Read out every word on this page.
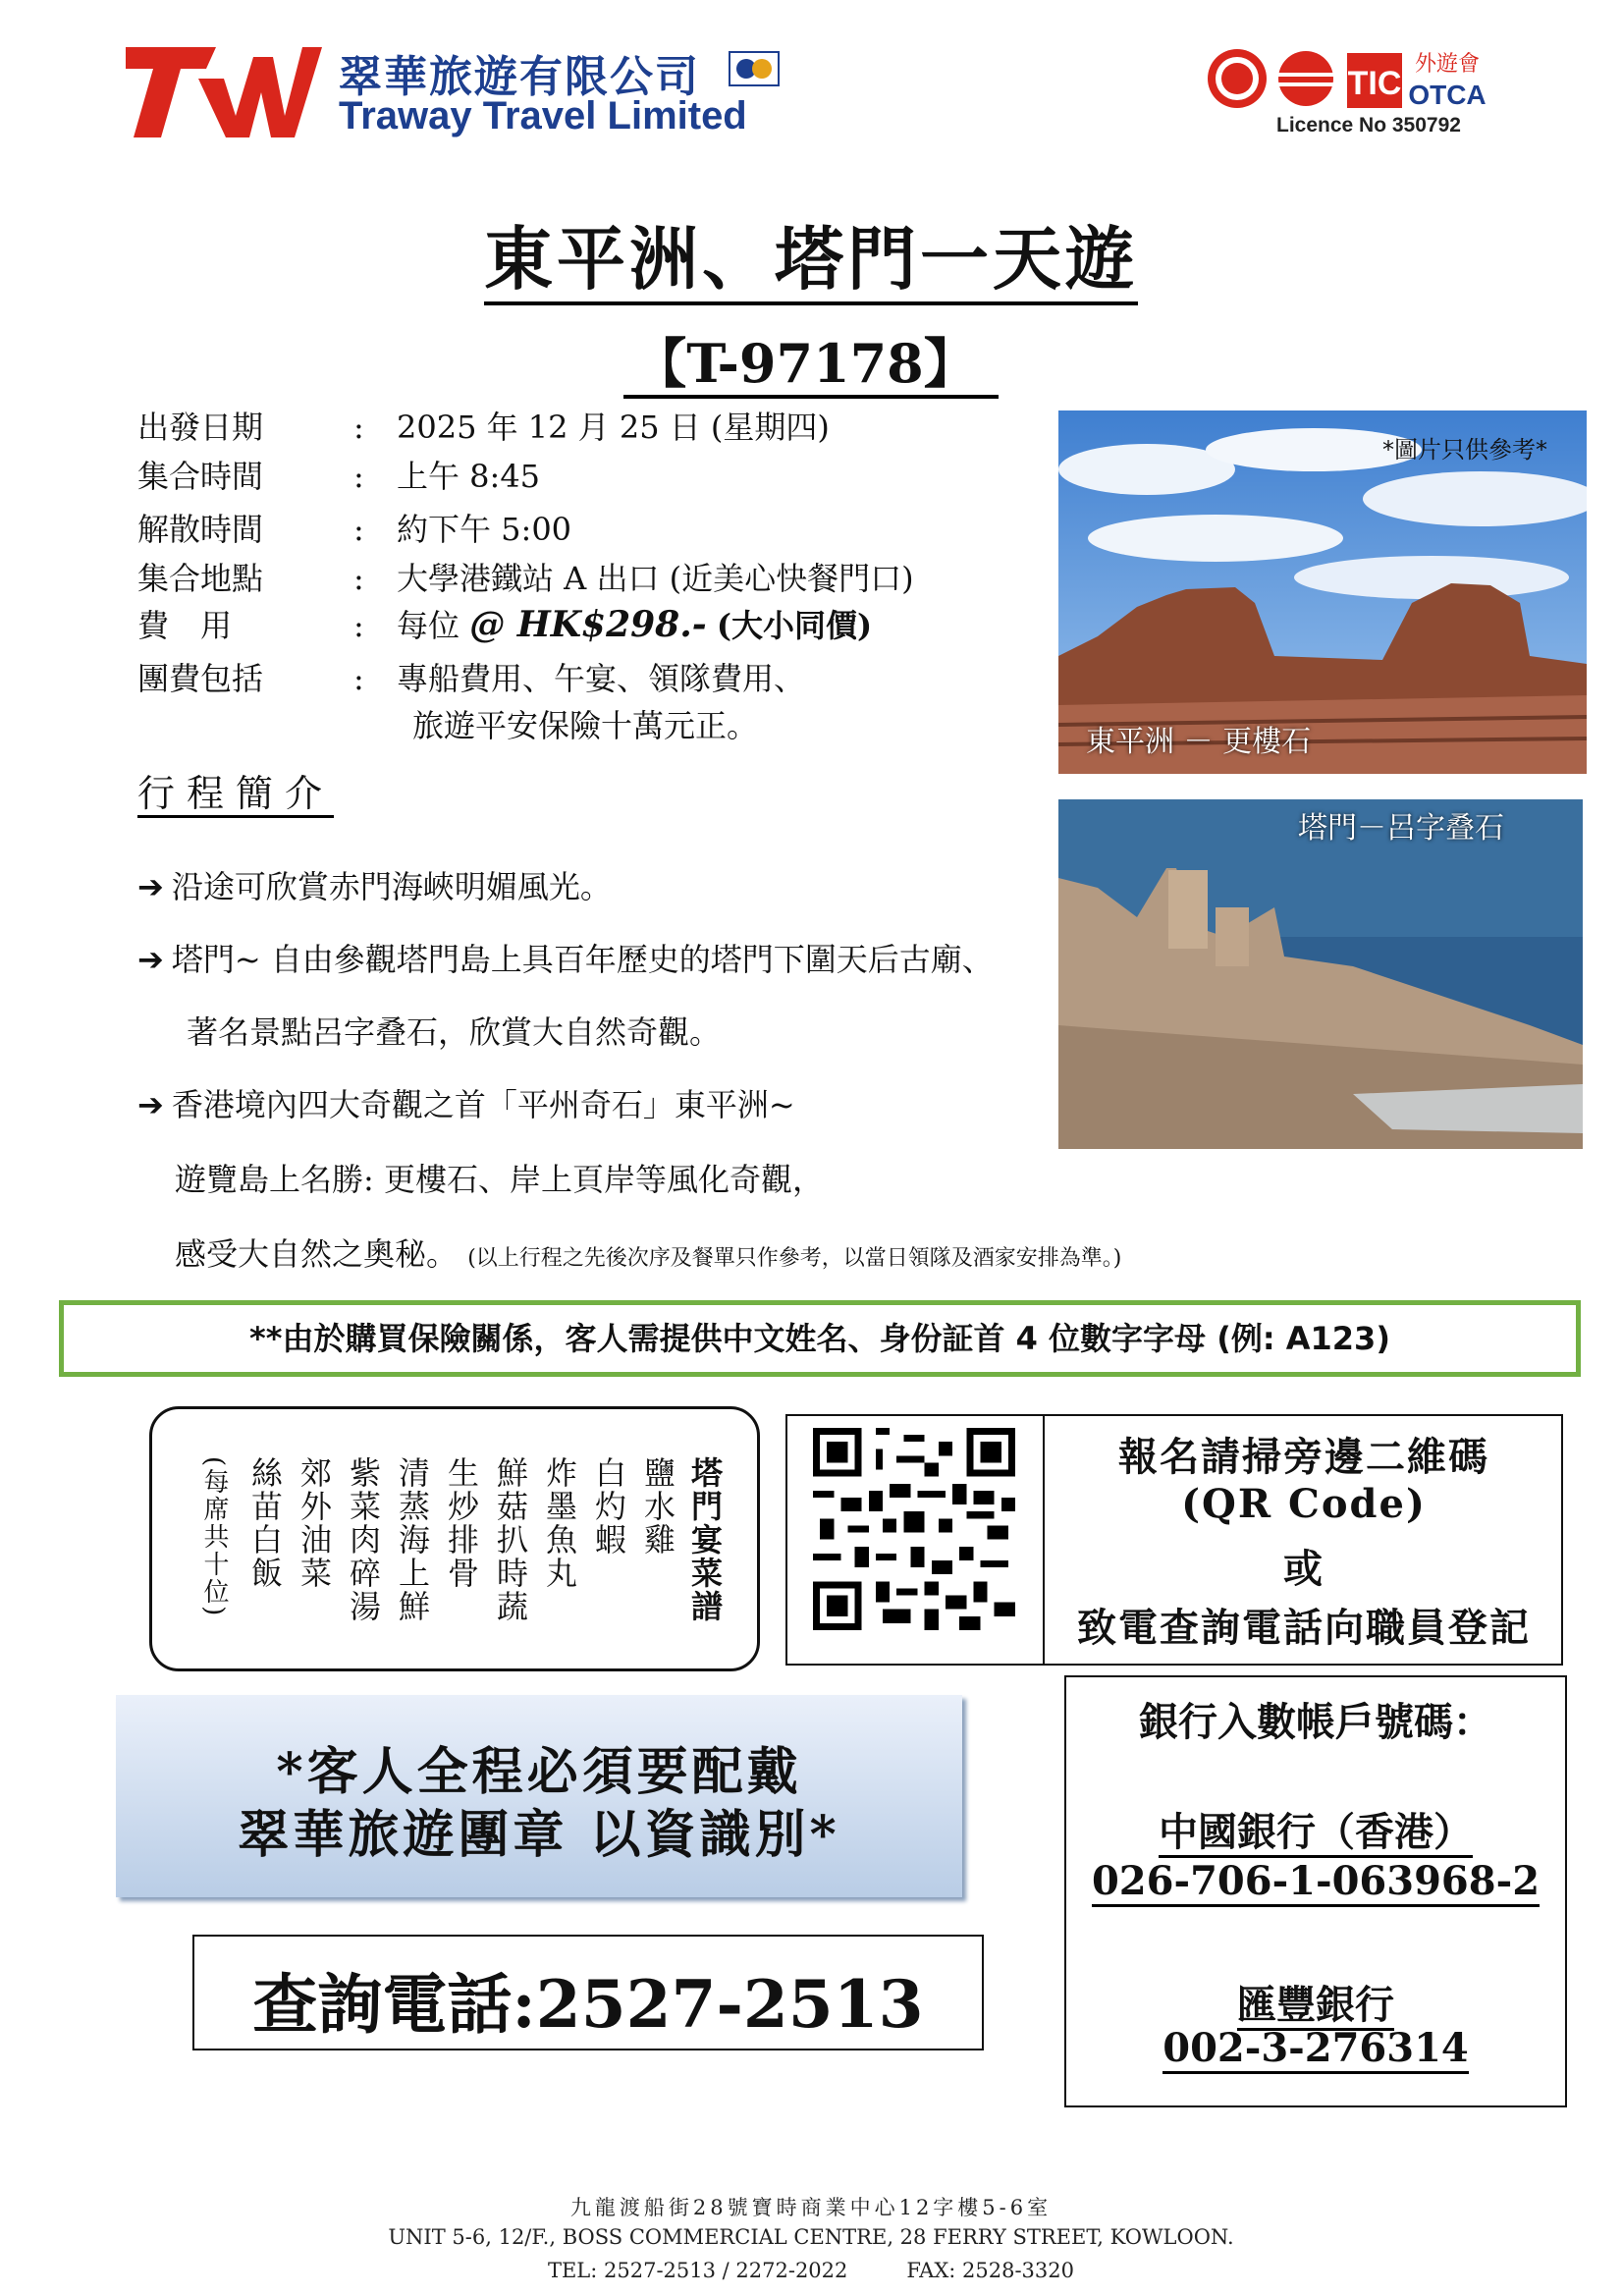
翠華旅遊有限公司
Traway Travel Limited
TIC
外遊會
OTCA
Licence No 350792
東平洲、塔門一天遊
【T-97178】
出發日期	: 2025 年 12 月 25 日 (星期四)
集合時間	: 上午 8:45
解散時間	: 約下午 5:00
集合地點	: 大學港鐵站 A 出口 (近美心快餐門口)
費　用	: 每位 @ HK$298.- (大小同價)
團費包括	: 專船費用、午宴、領隊費用、
旅遊平安保險十萬元正。
*圖片只供參考*
東平洲 － 更樓石
塔門－呂字叠石
行程簡介
➔ 沿途可欣賞赤門海峽明媚風光。
➔ 塔門~ 自由參觀塔門島上具百年歷史的塔門下圍天后古廟、
著名景點呂字叠石，欣賞大自然奇觀。
➔ 香港境內四大奇觀之首「平州奇石」東平洲~
遊覽島上名勝: 更樓石、岸上頁岸等風化奇觀，
感受大自然之奧秘。 (以上行程之先後次序及餐單只作參考，以當日領隊及酒家安排為準。)
**由於購買保險關係，客人需提供中文姓名、身份証首 4 位數字字母 (例: A123)
塔門宴菜譜
鹽水雞
白灼蝦
炸墨魚丸
鮮菇扒時蔬
生炒排骨
清蒸海上鮮
紫菜肉碎湯
郊外油菜
絲苗白飯
(每席共十位)	報名請掃旁邊二維碼
(QR Code)
或
致電查詢電話向職員登記
*客人全程必須要配戴
翠華旅遊團章 以資識別*
查詢電話:2527-2513
銀行入數帳戶號碼：
中國銀行（香港）
026-706-1-063968-2
匯豐銀行
002-3-276314
九龍渡船街28號寶時商業中心12字樓5-6室
UNIT 5-6, 12/F., BOSS COMMERCIAL CENTRE, 28 FERRY STREET, KOWLOON.
TEL: 2527-2513 / 2272-2022	FAX: 2528-3320
